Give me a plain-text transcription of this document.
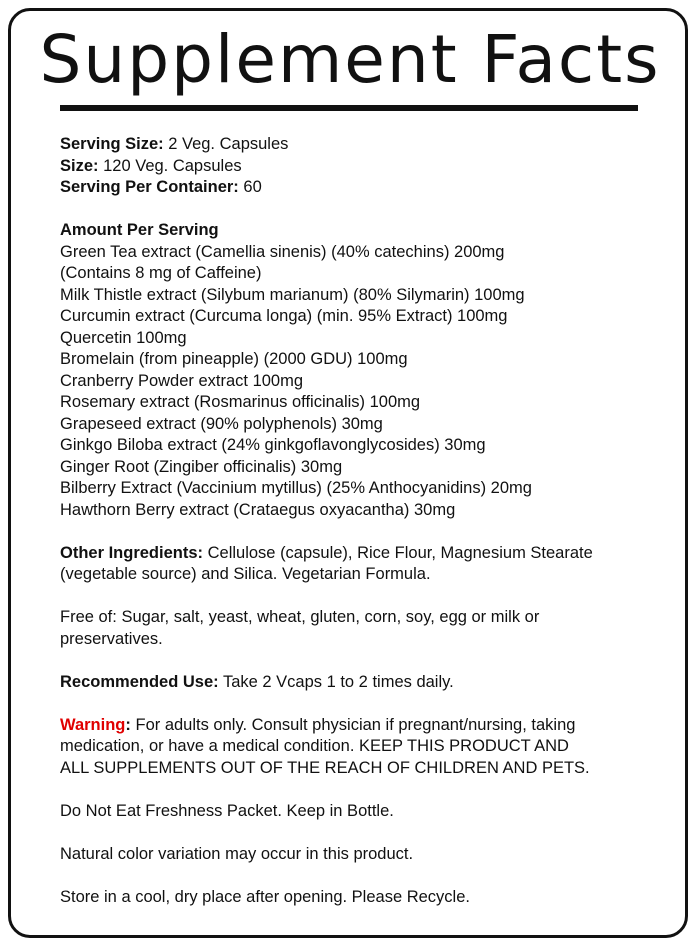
Supplement Facts
Serving Size: 2 Veg. Capsules
Size: 120 Veg. Capsules
Serving Per Container: 60
Amount Per Serving
Green Tea extract (Camellia sinenis) (40% catechins) 200mg
(Contains 8 mg of Caffeine)
Milk Thistle extract (Silybum marianum) (80% Silymarin) 100mg
Curcumin extract (Curcuma longa) (min. 95% Extract) 100mg
Quercetin 100mg
Bromelain (from pineapple) (2000 GDU) 100mg
Cranberry Powder extract 100mg
Rosemary extract (Rosmarinus officinalis) 100mg
Grapeseed extract (90% polyphenols) 30mg
Ginkgo Biloba extract (24% ginkgoflavonglycosides) 30mg
Ginger Root (Zingiber officinalis) 30mg
Bilberry Extract (Vaccinium mytillus) (25% Anthocyanidins) 20mg
Hawthorn Berry extract (Crataegus oxyacantha) 30mg
Other Ingredients: Cellulose (capsule), Rice Flour, Magnesium Stearate
(vegetable source) and Silica. Vegetarian Formula.
Free of: Sugar, salt, yeast, wheat, gluten, corn, soy, egg or milk or
preservatives.
Recommended Use: Take 2 Vcaps 1 to 2 times daily.
Warning: For adults only. Consult physician if pregnant/nursing, taking
medication, or have a medical condition. KEEP THIS PRODUCT AND
ALL SUPPLEMENTS OUT OF THE REACH OF CHILDREN AND PETS.
Do Not Eat Freshness Packet. Keep in Bottle.
Natural color variation may occur in this product.
Store in a cool, dry place after opening. Please Recycle.
